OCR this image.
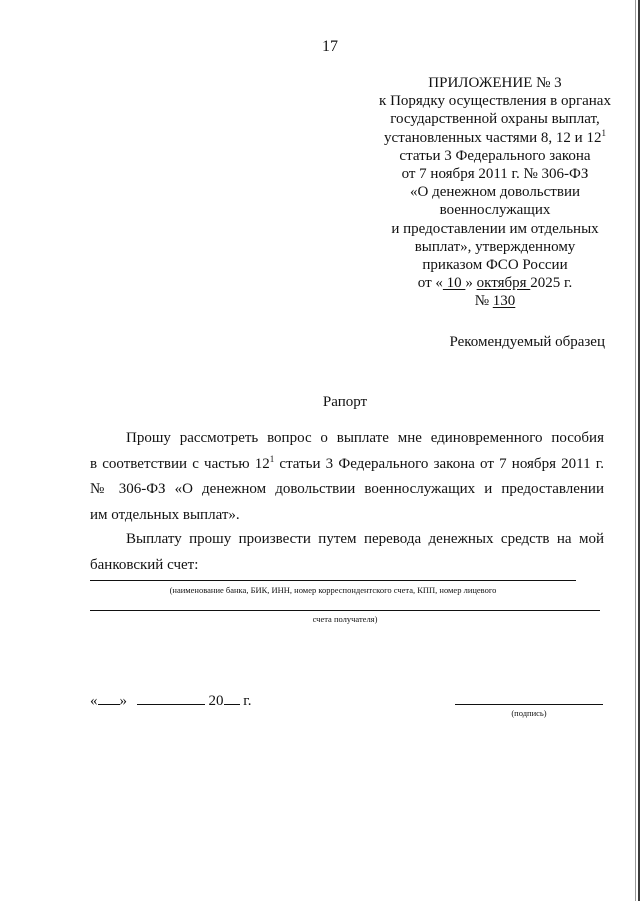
17
ПРИЛОЖЕНИЕ № 3
к Порядку осуществления в органах
государственной охраны выплат,
установленных частями 8, 12 и $12^1$
статьи 3 Федерального закона
от 7 ноября 2011 г. № 306-ФЗ
«О денежном довольствии
военнослужащих
и предоставлении им отдельных
выплат», утвержденному
приказом ФСО России
от « 10 » октября 2025 г.
№ 130
Рекомендуемый образец
Рапорт
Прошу рассмотреть вопрос о выплате мне единовременного пособия
в соответствии с частью $12^1$ статьи 3 Федерального закона от 7 ноября 2011 г.
№ 306-ФЗ «О денежном довольствии военнослужащих и предоставлении
им отдельных выплат».
Выплату прошу произвести путем перевода денежных средств на мой
банковский счет:
(наименование банка, БИК, ИНН, номер корреспондентского счета, КПП, номер лицевого
счета получателя)
« »	20 г.
(подпись)
